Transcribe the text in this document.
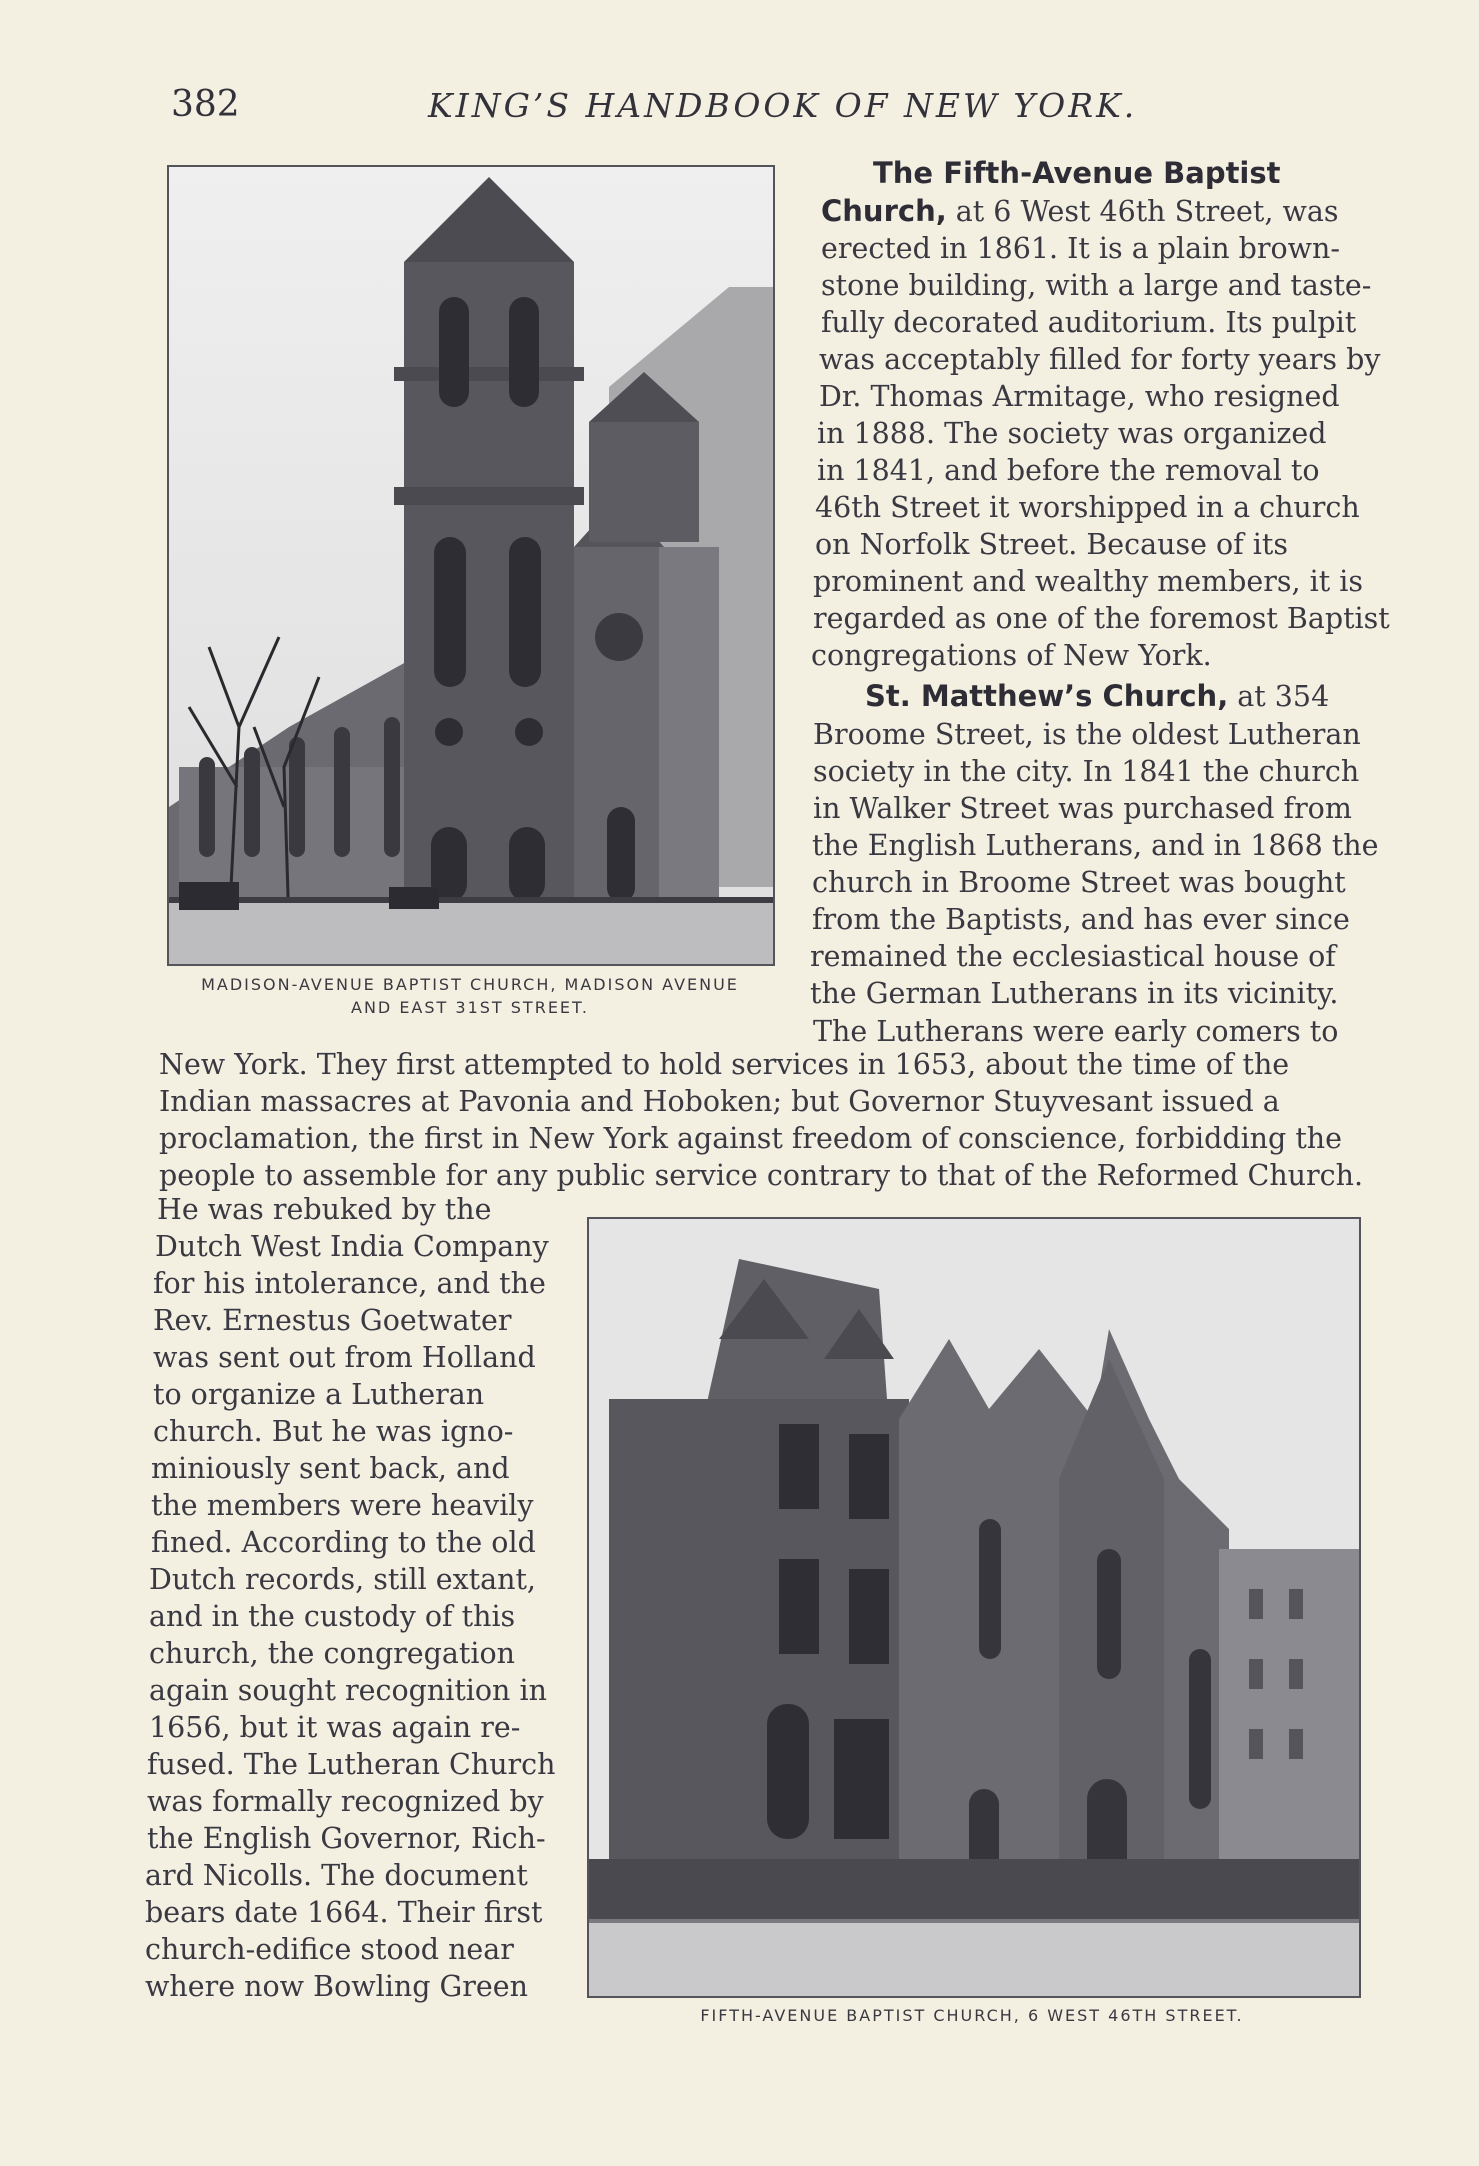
382	KING’S HANDBOOK OF NEW YORK.
MADISON-AVENUE BAPTIST CHURCH, MADISON AVENUE
AND EAST 31ST STREET.
FIFTH-AVENUE BAPTIST CHURCH, 6 WEST 46TH STREET.
The Fifth-Avenue Baptist
Church, at 6 West 46th Street, was
erected in 1861. It is a plain brown-
stone building, with a large and taste-
fully decorated auditorium. Its pulpit
was acceptably filled for forty years by
Dr. Thomas Armitage, who resigned
in 1888. The society was organized
in 1841, and before the removal to
46th Street it worshipped in a church
on Norfolk Street. Because of its
prominent and wealthy members, it is
regarded as one of the foremost Baptist
congregations of New York.
St. Matthew’s Church, at 354
Broome Street, is the oldest Lutheran
society in the city. In 1841 the church
in Walker Street was purchased from
the English Lutherans, and in 1868 the
church in Broome Street was bought
from the Baptists, and has ever since
remained the ecclesiastical house of
the German Lutherans in its vicinity.
The Lutherans were early comers to
New York. They first attempted to hold services in 1653, about the time of the
Indian massacres at Pavonia and Hoboken; but Governor Stuyvesant issued a
proclamation, the first in New York against freedom of conscience, forbidding the
people to assemble for any public service contrary to that of the Reformed Church.
He was rebuked by the
Dutch West India Company
for his intolerance, and the
Rev. Ernestus Goetwater
was sent out from Holland
to organize a Lutheran
church. But he was igno-
miniously sent back, and
the members were heavily
fined. According to the old
Dutch records, still extant,
and in the custody of this
church, the congregation
again sought recognition in
1656, but it was again re-
fused. The Lutheran Church
was formally recognized by
the English Governor, Rich-
ard Nicolls. The document
bears date 1664. Their first
church-edifice stood near
where now Bowling Green
